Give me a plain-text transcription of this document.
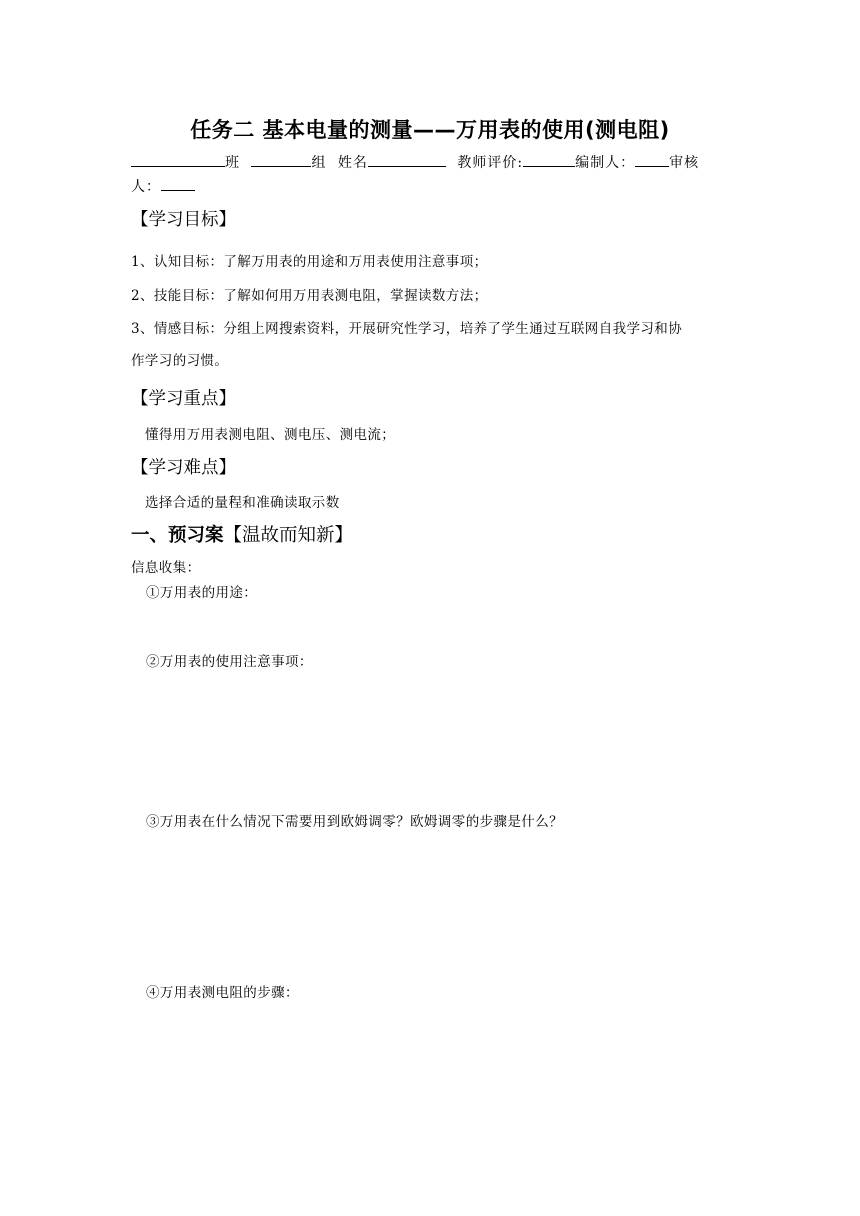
任务二 基本电量的测量——万用表的使用(测电阻)
班	组 姓名	教师评价:	编制人： 审核
人：
【学习目标】
1、认知目标：了解万用表的用途和万用表使用注意事项；
2、技能目标：了解如何用万用表测电阻，掌握读数方法；
3、情感目标：分组上网搜索资料，开展研究性学习，培养了学生通过互联网自我学习和协
作学习的习惯。
【学习重点】
懂得用万用表测电阻、测电压、测电流；
【学习难点】
选择合适的量程和准确读取示数
一、预习案【温故而知新】
信息收集：
①万用表的用途：
②万用表的使用注意事项：
③万用表在什么情况下需要用到欧姆调零？欧姆调零的步骤是什么？
④万用表测电阻的步骤：
